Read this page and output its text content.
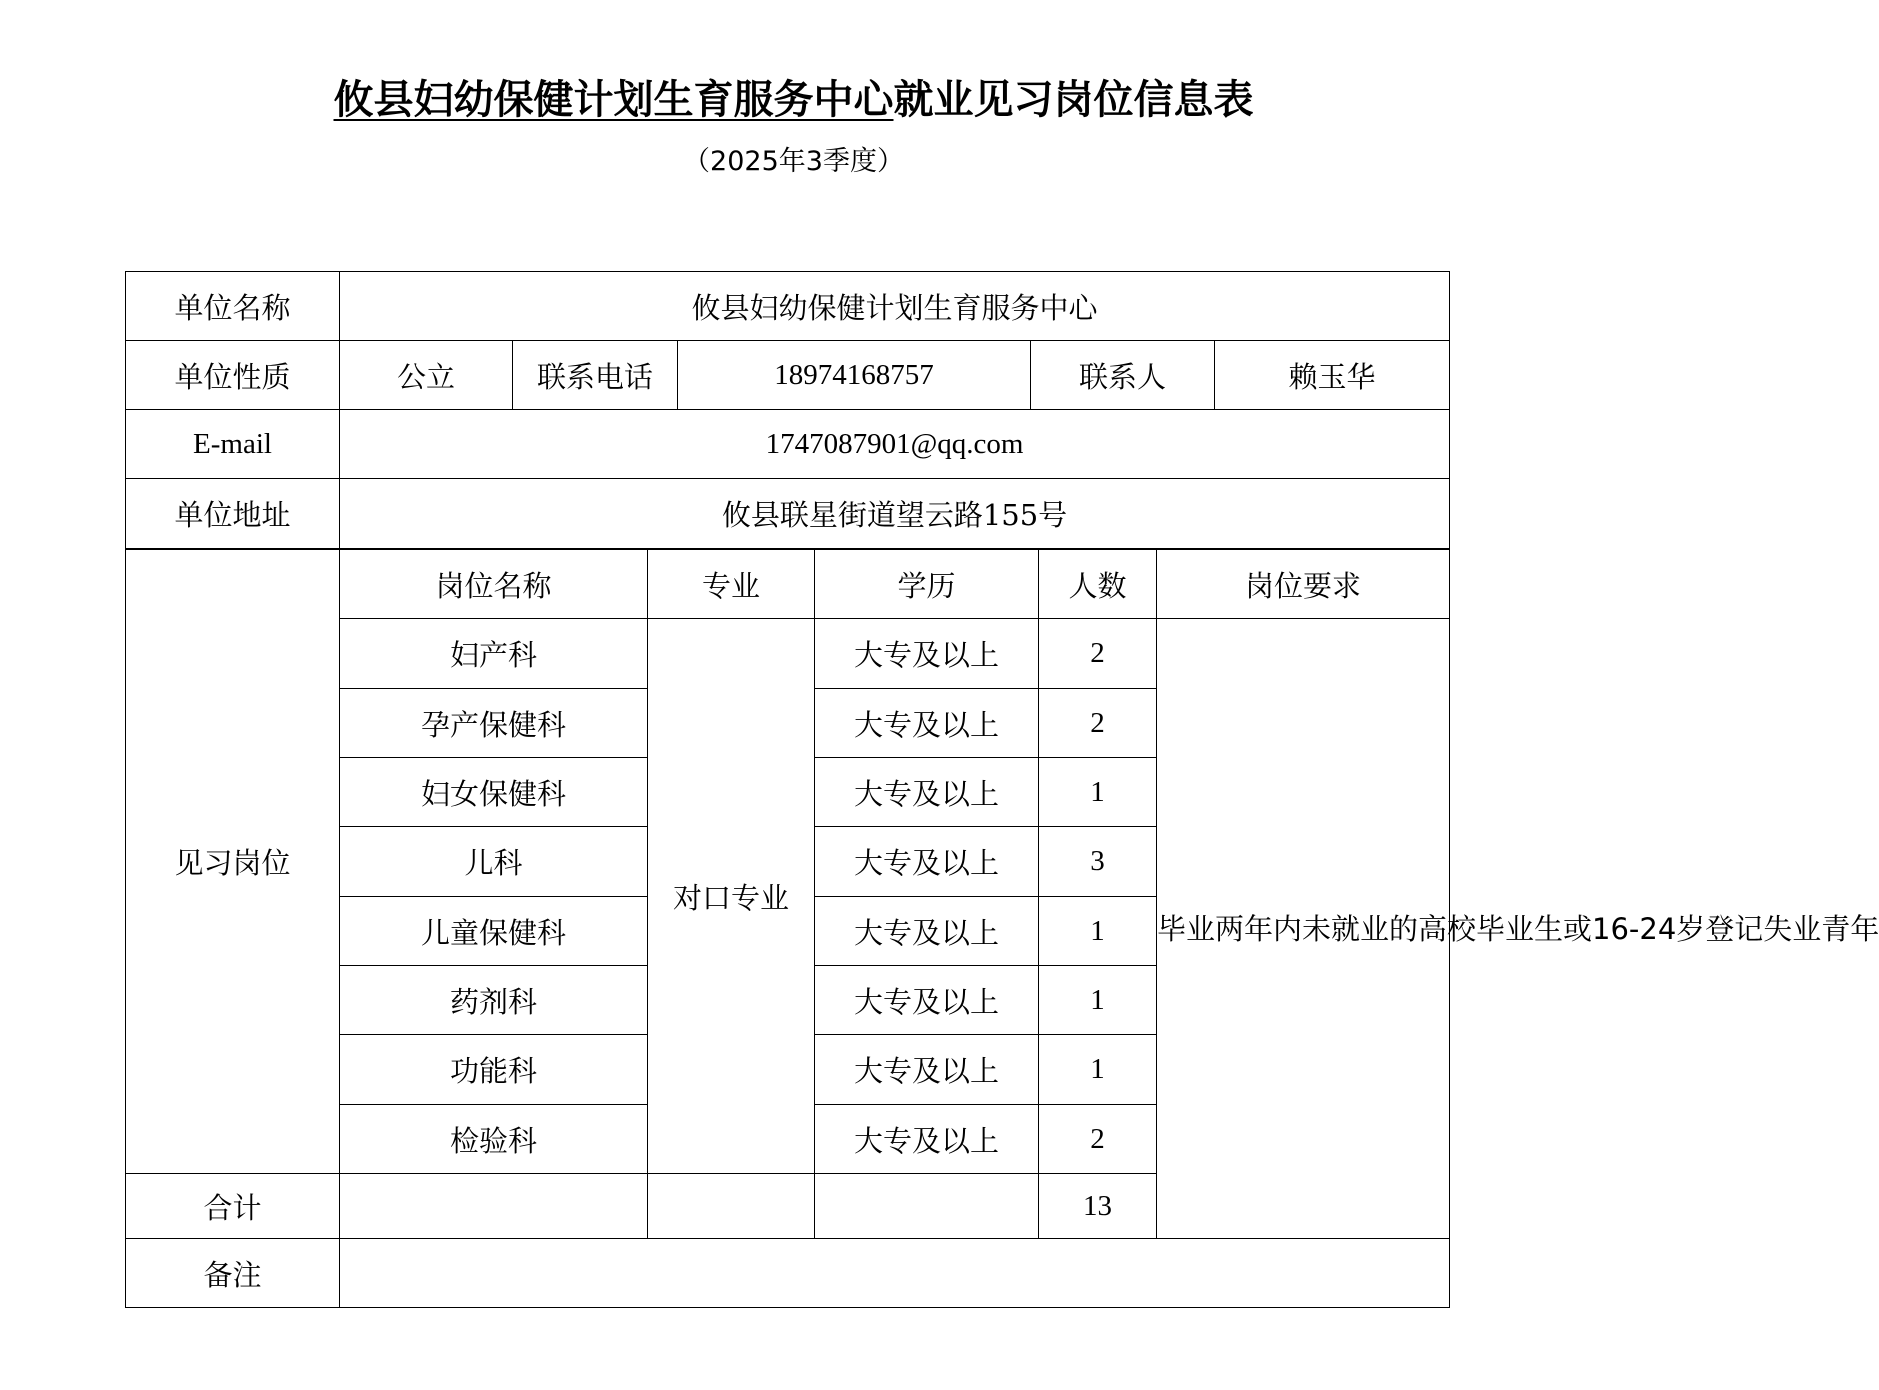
攸县妇幼保健计划生育服务中心就业见习岗位信息表
（2025年3季度）
单位名称	攸县妇幼保健计划生育服务中心				
单位性质	公立	联系电话	18974168757	联系人	赖玉华
E-mail	1747087901@qq.com				
单位地址	攸县联星街道望云路155号				
见习岗位	岗位名称	专业	学历	人数	岗位要求
	妇产科	对口专业	大专及以上	2	毕业两年内未就业的高校毕业生或16-24岁登记失业青年
	孕产保健科		大专及以上	2	
	妇女保健科		大专及以上	1	
	儿科		大专及以上	3	
	儿童保健科		大专及以上	1	
	药剂科		大专及以上	1	
	功能科		大专及以上	1	
	检验科		大专及以上	2	
合计				13	
备注					
